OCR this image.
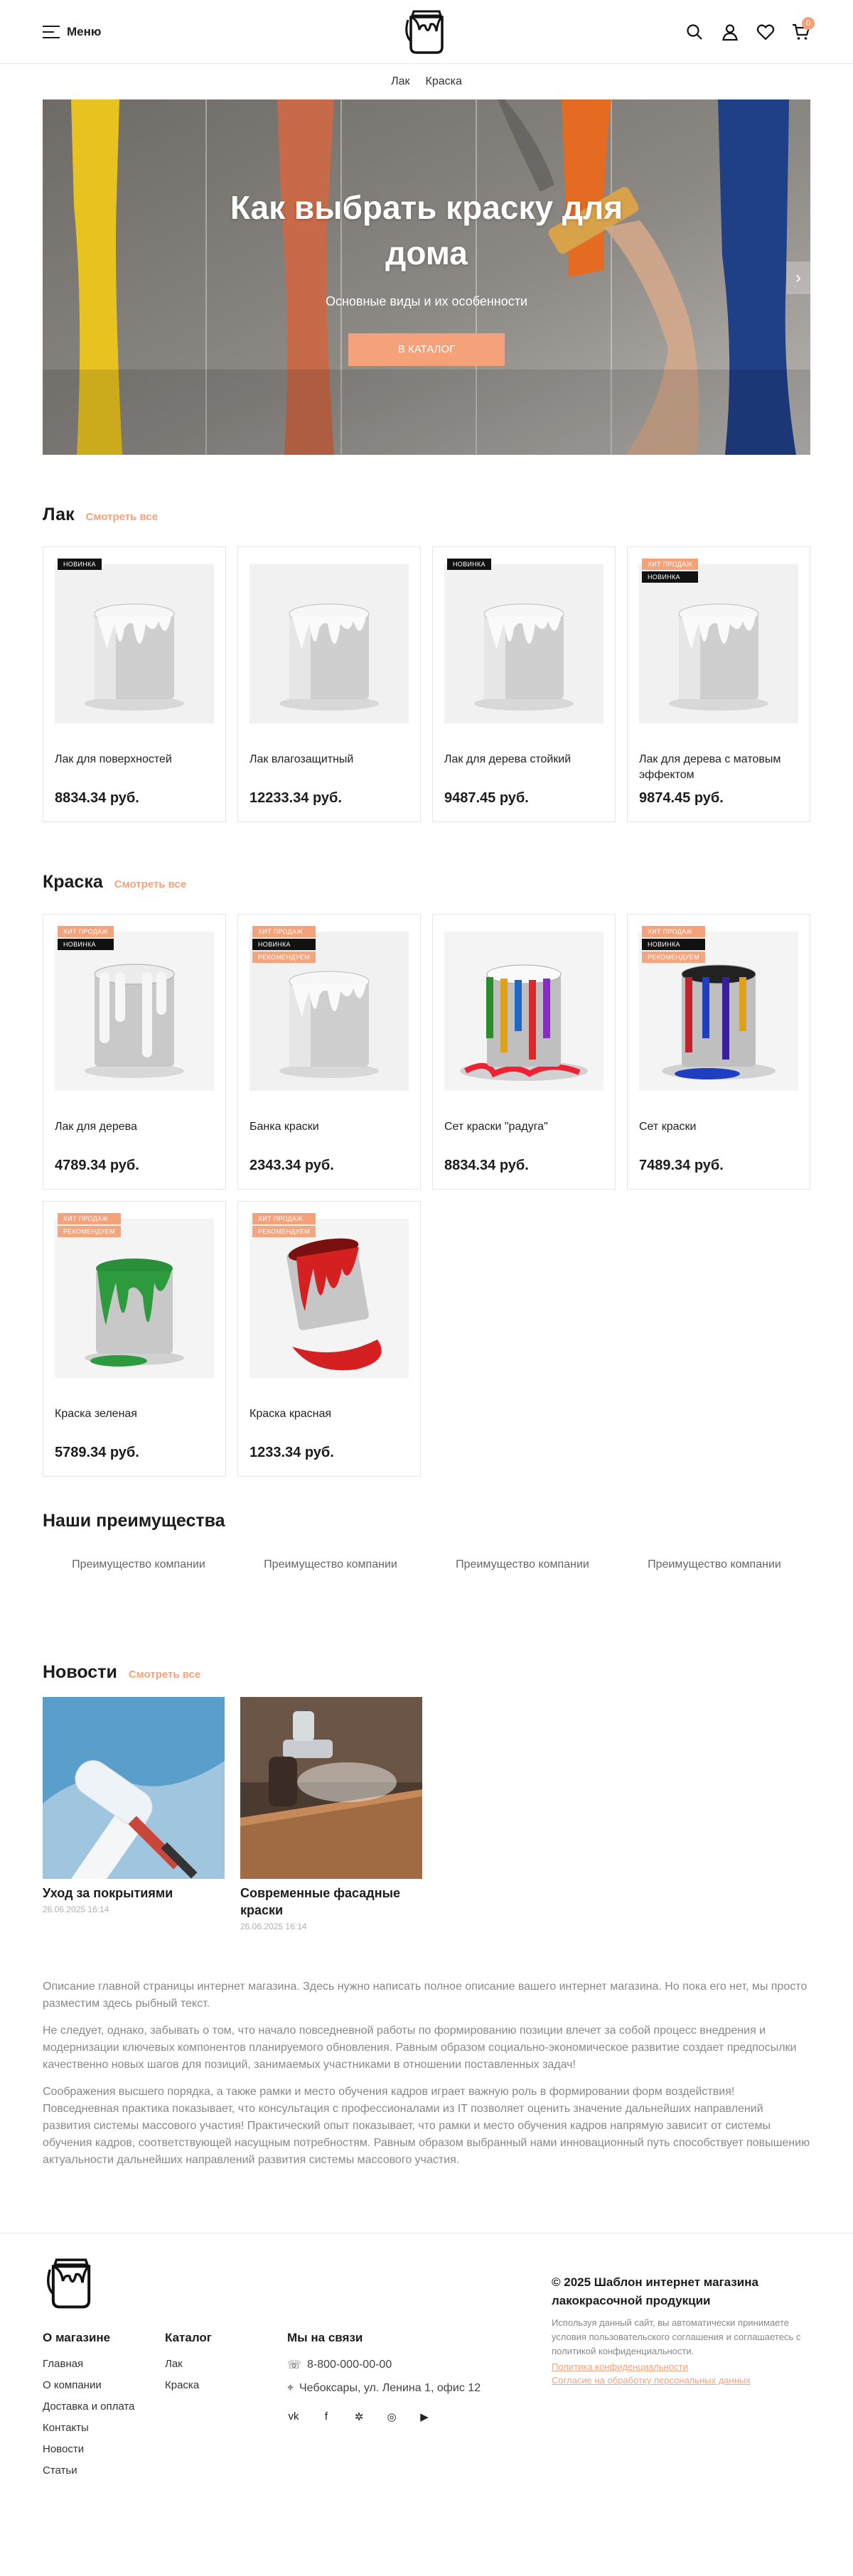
Меню
0
Лак Краска
Как выбрать краску для дома
Основные виды и их особенности
В КАТАЛОГ
›
Лак Смотреть все
НОВИНКА
Лак для поверхностей
8834.34 руб.
Лак влагозащитный
12233.34 руб.
НОВИНКА
Лак для дерева стойкий
9487.45 руб.
ХИТ ПРОДАЖ
НОВИНКА
Лак для дерева с матовым эффектом
9874.45 руб.
Краска Смотреть все
ХИТ ПРОДАЖ
НОВИНКА
Лак для дерева
4789.34 руб.
ХИТ ПРОДАЖ
НОВИНКА
РЕКОМЕНДУЕМ
Банка краски
2343.34 руб.
Сет краски "радуга"
8834.34 руб.
ХИТ ПРОДАЖ
НОВИНКА
РЕКОМЕНДУЕМ
Сет краски
7489.34 руб.
ХИТ ПРОДАЖ
РЕКОМЕНДУЕМ
Краска зеленая
5789.34 руб.
ХИТ ПРОДАЖ
РЕКОМЕНДУЕМ
Краска красная
1233.34 руб.
Наши преимущества
Преимущество компании	Преимущество компании	Преимущество компании	Преимущество компании
Новости Смотреть все
Уход за покрытиями
26.06.2025 16:14
Современные фасадные краски
26.06.2025 16:14

Описание главной страницы интернет магазина. Здесь нужно написать полное описание вашего интернет магазина. Но пока его нет, мы просто разместим здесь рыбный текст.

Не следует, однако, забывать о том, что начало повседневной работы по формированию позиции влечет за собой процесс внедрения и модернизации ключевых компонентов планируемого обновления. Равным образом социально-экономическое развитие создает предпосылки качественно новых шагов для позиций, занимаемых участниками в отношении поставленных задач!

Соображения высшего порядка, а также рамки и место обучения кадров играет важную роль в формировании форм воздействия! Повседневная практика показывает, что консультация с профессионалами из IT позволяет оценить значение дальнейших направлений развития системы массового участия! Практический опыт показывает, что рамки и место обучения кадров напрямую зависит от системы обучения кадров, соответствующей насущным потребностям. Равным образом выбранный нами инновационный путь способствует повышению актуальности дальнейших направлений развития системы массового участия.

О магазине
Главная
О компании
Доставка и оплата
Контакты
Новости
Статьи
Каталог
Лак
Краска
Мы на связи
☏ 8-800-000-00-00
⌖ Чебоксары, ул. Ленина 1, офис 12
vk	f	✲ ◎ ▶
© 2025 Шаблон интернет магазина лакокрасочной продукции
Используя данный сайт, вы автоматически принимаете условия пользовательского соглашения и соглашаетесь с политикой конфиденциальности.
Политика конфиденциальности
Согласие на обработку персональных данных
